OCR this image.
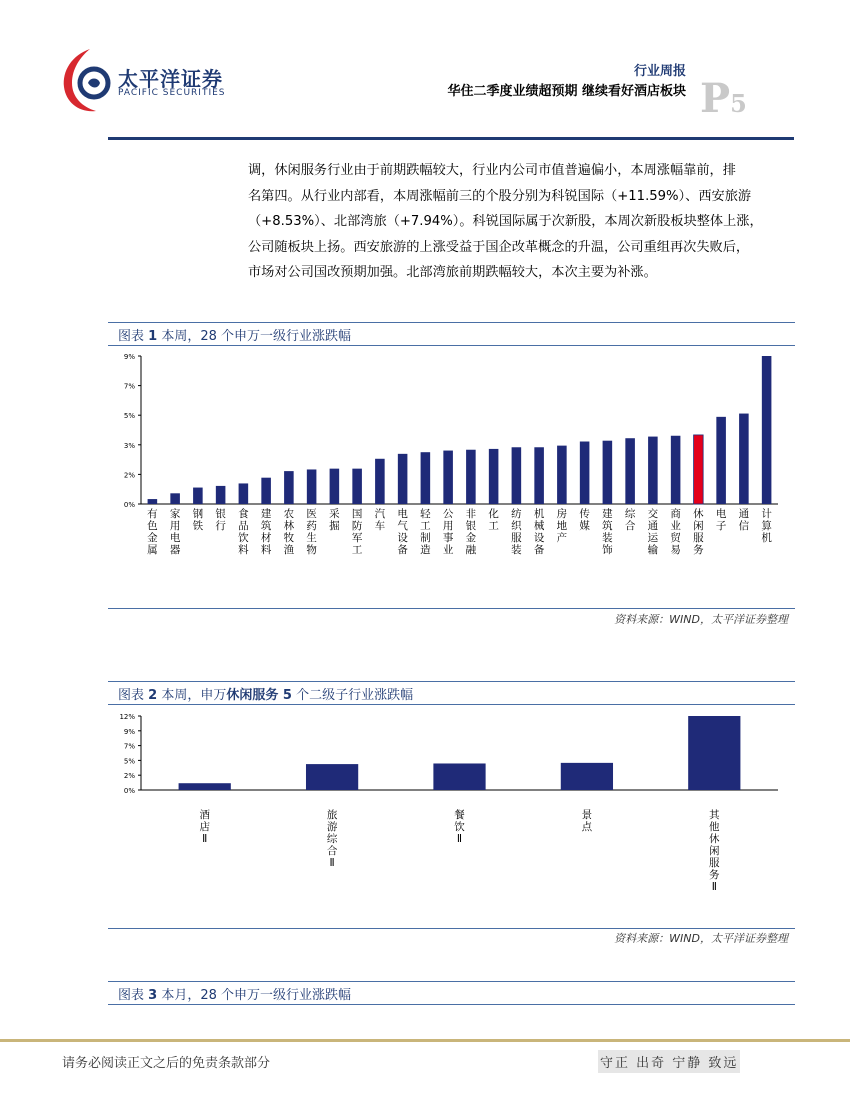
太平洋证券
PACIFIC SECURITIES
行业周报
华住二季度业绩超预期 继续看好酒店板块 P5

调，休闲服务行业由于前期跌幅较大，行业内公司市值普遍偏小，本周涨幅靠前，排

名第四。从行业内部看，本周涨幅前三的个股分别为科锐国际（+11.59%）、西安旅游

（+8.53%）、北部湾旅（+7.94%）。科锐国际属于次新股，本周次新股板块整体上涨，

公司随板块上扬。西安旅游的上涨受益于国企改革概念的升温，公司重组再次失败后，

市场对公司国改预期加强。北部湾旅前期跌幅较大，本次主要为补涨。

图表 1 本周，28 个申万一级行业涨跌幅
0%
2%
3%
5%
7%
9%
有色金属
家用电器
钢铁
银行
食品饮料
建筑材料
农林牧渔
医药生物
采掘
国防军工
汽车
电气设备
轻工制造
公用事业
非银金融
化工
纺织服装
机械设备
房地产
传媒
建筑装饰
综合
交通运输
商业贸易
休闲服务
电子
通信
计算机
资料来源：WIND，太平洋证券整理
图表 2 本周，申万休闲服务 5 个二级子行业涨跌幅
0%
2%
5%
7%
9%
12%
酒店 Ⅱ
旅游综合 Ⅱ
餐饮 Ⅱ
景点
其他休闲服务 Ⅱ
资料来源：WIND，太平洋证券整理
图表 3 本月，28 个申万一级行业涨跌幅
请务必阅读正文之后的免责条款部分	守正 出奇 宁静 致远
